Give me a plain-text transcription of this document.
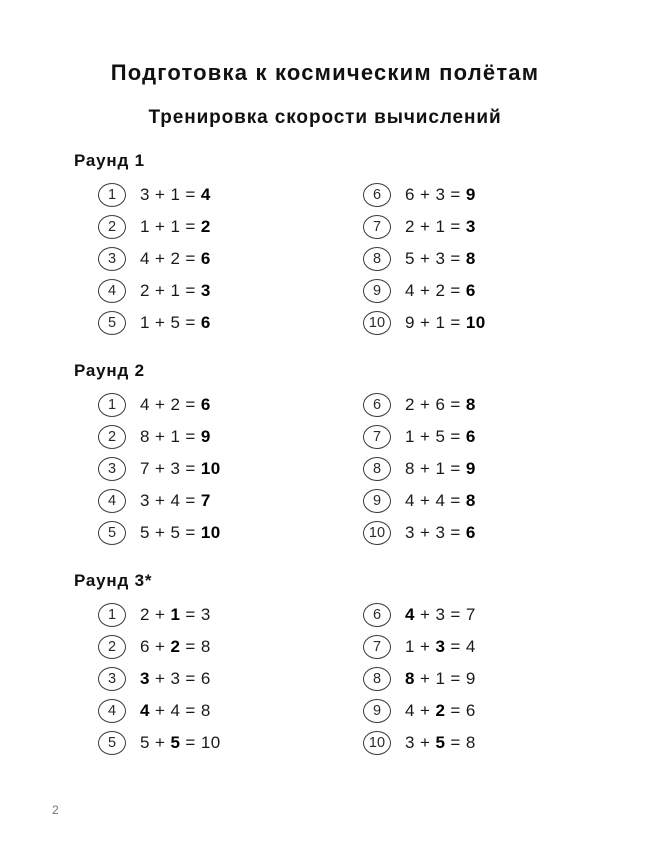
Подготовка к космическим полётам
Тренировка скорости вычислений
Раунд 1
1	3 + 1 = 4
2	1 + 1 = 2
3	4 + 2 = 6
4	2 + 1 = 3
5	1 + 5 = 6
6	6 + 3 = 9
7	2 + 1 = 3
8	5 + 3 = 8
9	4 + 2 = 6
10	9 + 1 = 10
Раунд 2
1	4 + 2 = 6
2	8 + 1 = 9
3	7 + 3 = 10
4	3 + 4 = 7
5	5 + 5 = 10
6	2 + 6 = 8
7	1 + 5 = 6
8	8 + 1 = 9
9	4 + 4 = 8
10	3 + 3 = 6
Раунд 3*
1	2 + 1 = 3
2	6 + 2 = 8
3	3 + 3 = 6
4	4 + 4 = 8
5	5 + 5 = 10
6	4 + 3 = 7
7	1 + 3 = 4
8	8 + 1 = 9
9	4 + 2 = 6
10	3 + 5 = 8
2
